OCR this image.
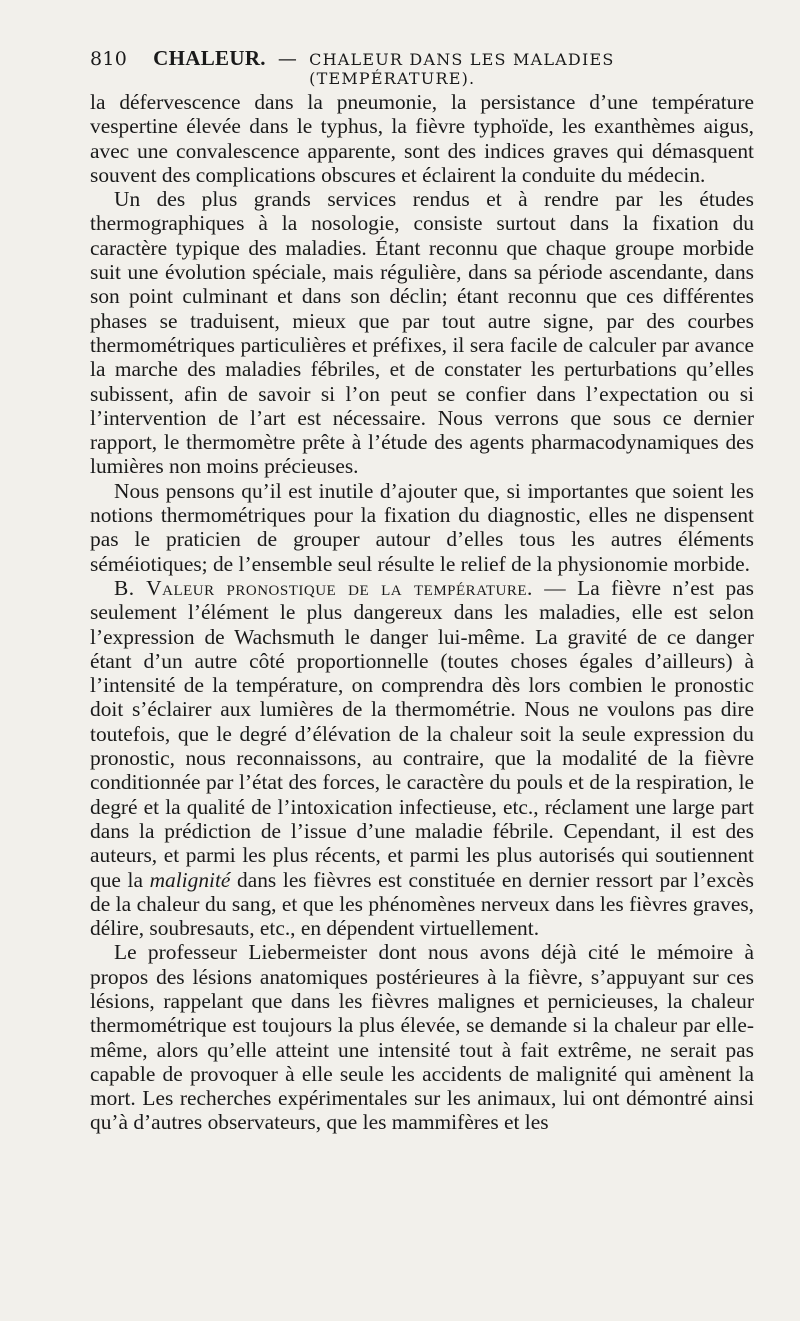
810 CHALEUR. — CHALEUR DANS LES MALADIES (TEMPÉRATURE).

la défervescence dans la pneumonie, la persistance d’une température vespertine élevée dans le typhus, la fièvre typhoïde, les exanthèmes aigus, avec une convalescence apparente, sont des indices graves qui démasquent souvent des complications obscures et éclairent la conduite du médecin.

Un des plus grands services rendus et à rendre par les études thermographiques à la nosologie, consiste surtout dans la fixation du caractère typique des maladies. Étant reconnu que chaque groupe morbide suit une évolution spéciale, mais régulière, dans sa période ascendante, dans son point culminant et dans son déclin; étant reconnu que ces différentes phases se traduisent, mieux que par tout autre signe, par des courbes thermométriques particulières et préfixes, il sera facile de calculer par avance la marche des maladies fébriles, et de constater les perturbations qu’elles subissent, afin de savoir si l’on peut se confier dans l’expectation ou si l’intervention de l’art est nécessaire. Nous verrons que sous ce dernier rapport, le thermomètre prête à l’étude des agents pharmacodynamiques des lumières non moins précieuses.

Nous pensons qu’il est inutile d’ajouter que, si importantes que soient les notions thermométriques pour la fixation du diagnostic, elles ne dispensent pas le praticien de grouper autour d’elles tous les autres éléments séméiotiques; de l’ensemble seul résulte le relief de la physionomie morbide.

B. Valeur pronostique de la température. — La fièvre n’est pas seulement l’élément le plus dangereux dans les maladies, elle est selon l’expression de Wachsmuth le danger lui-même. La gravité de ce danger étant d’un autre côté proportionnelle (toutes choses égales d’ailleurs) à l’intensité de la température, on comprendra dès lors combien le pronostic doit s’éclairer aux lumières de la thermométrie. Nous ne voulons pas dire toutefois, que le degré d’élévation de la chaleur soit la seule expression du pronostic, nous reconnaissons, au contraire, que la modalité de la fièvre conditionnée par l’état des forces, le caractère du pouls et de la respiration, le degré et la qualité de l’intoxication infectieuse, etc., réclament une large part dans la prédiction de l’issue d’une maladie fébrile. Cependant, il est des auteurs, et parmi les plus récents, et parmi les plus autorisés qui soutiennent que la malignité dans les fièvres est constituée en dernier ressort par l’excès de la chaleur du sang, et que les phénomènes nerveux dans les fièvres graves, délire, soubresauts, etc., en dépendent virtuellement.

Le professeur Liebermeister dont nous avons déjà cité le mémoire à propos des lésions anatomiques postérieures à la fièvre, s’appuyant sur ces lésions, rappelant que dans les fièvres malignes et pernicieuses, la chaleur thermométrique est toujours la plus élevée, se demande si la chaleur par elle-même, alors qu’elle atteint une intensité tout à fait extrême, ne serait pas capable de provoquer à elle seule les accidents de malignité qui amènent la mort. Les recherches expérimentales sur les animaux, lui ont démontré ainsi qu’à d’autres observateurs, que les mammifères et les
